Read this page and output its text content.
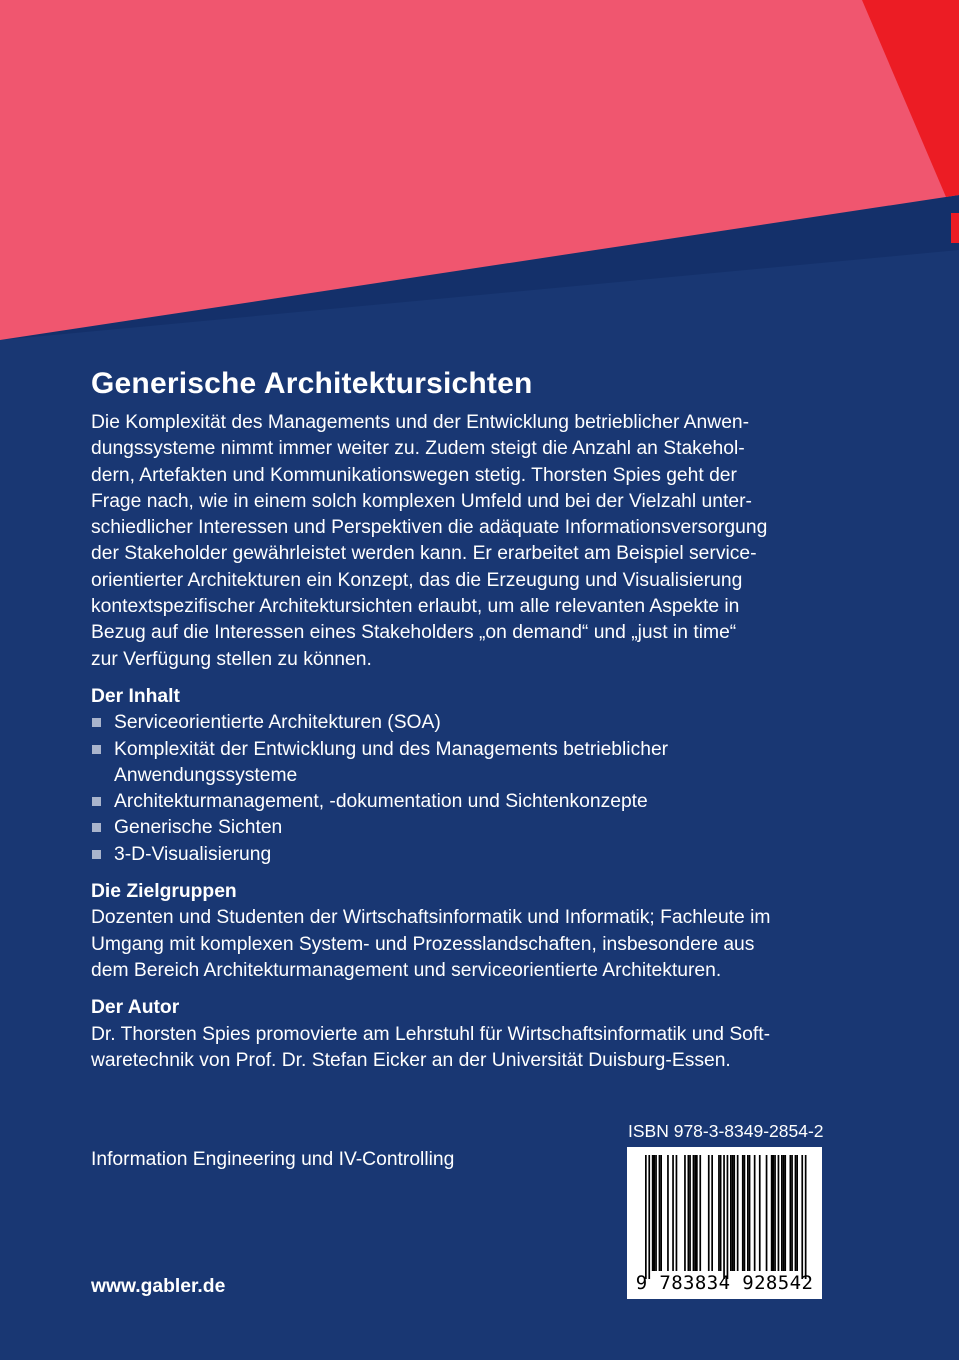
Generische Architektursichten

Die Komplexität des Managements und der Entwicklung betrieblicher Anwen-
dungssysteme nimmt immer weiter zu. Zudem steigt die Anzahl an Stakehol-
dern, Artefakten und Kommunikationswegen stetig. Thorsten Spies geht der
Frage nach, wie in einem solch komplexen Umfeld und bei der Vielzahl unter-
schiedlicher Interessen und Perspektiven die adäquate Informationsversorgung
der Stakeholder gewährleistet werden kann. Er erarbeitet am Beispiel service-
orientierter Architekturen ein Konzept, das die Erzeugung und Visualisierung
kontextspezifischer Architektursichten erlaubt, um alle relevanten Aspekte in
Bezug auf die Interessen eines Stakeholders „on demand“ und „just in time“
zur Verfügung stellen zu können.

Der Inhalt
Serviceorientierte Architekturen (SOA)
Komplexität der Entwicklung und des Managements betrieblicher
Anwendungssysteme
Architekturmanagement, -dokumentation und Sichtenkonzepte
Generische Sichten
3-D-Visualisierung
Die Zielgruppen

Dozenten und Studenten der Wirtschaftsinformatik und Informatik; Fachleute im
Umgang mit komplexen System- und Prozesslandschaften, insbesondere aus
dem Bereich Architekturmanagement und serviceorientierte Architekturen.

Der Autor

Dr. Thorsten Spies promovierte am Lehrstuhl für Wirtschaftsinformatik und Soft-
waretechnik von Prof. Dr. Stefan Eicker an der Universität Duisburg-Essen.

Information Engineering und IV-Controlling
www.gabler.de
ISBN 978-3-8349-2854-2
9 783834 928542
